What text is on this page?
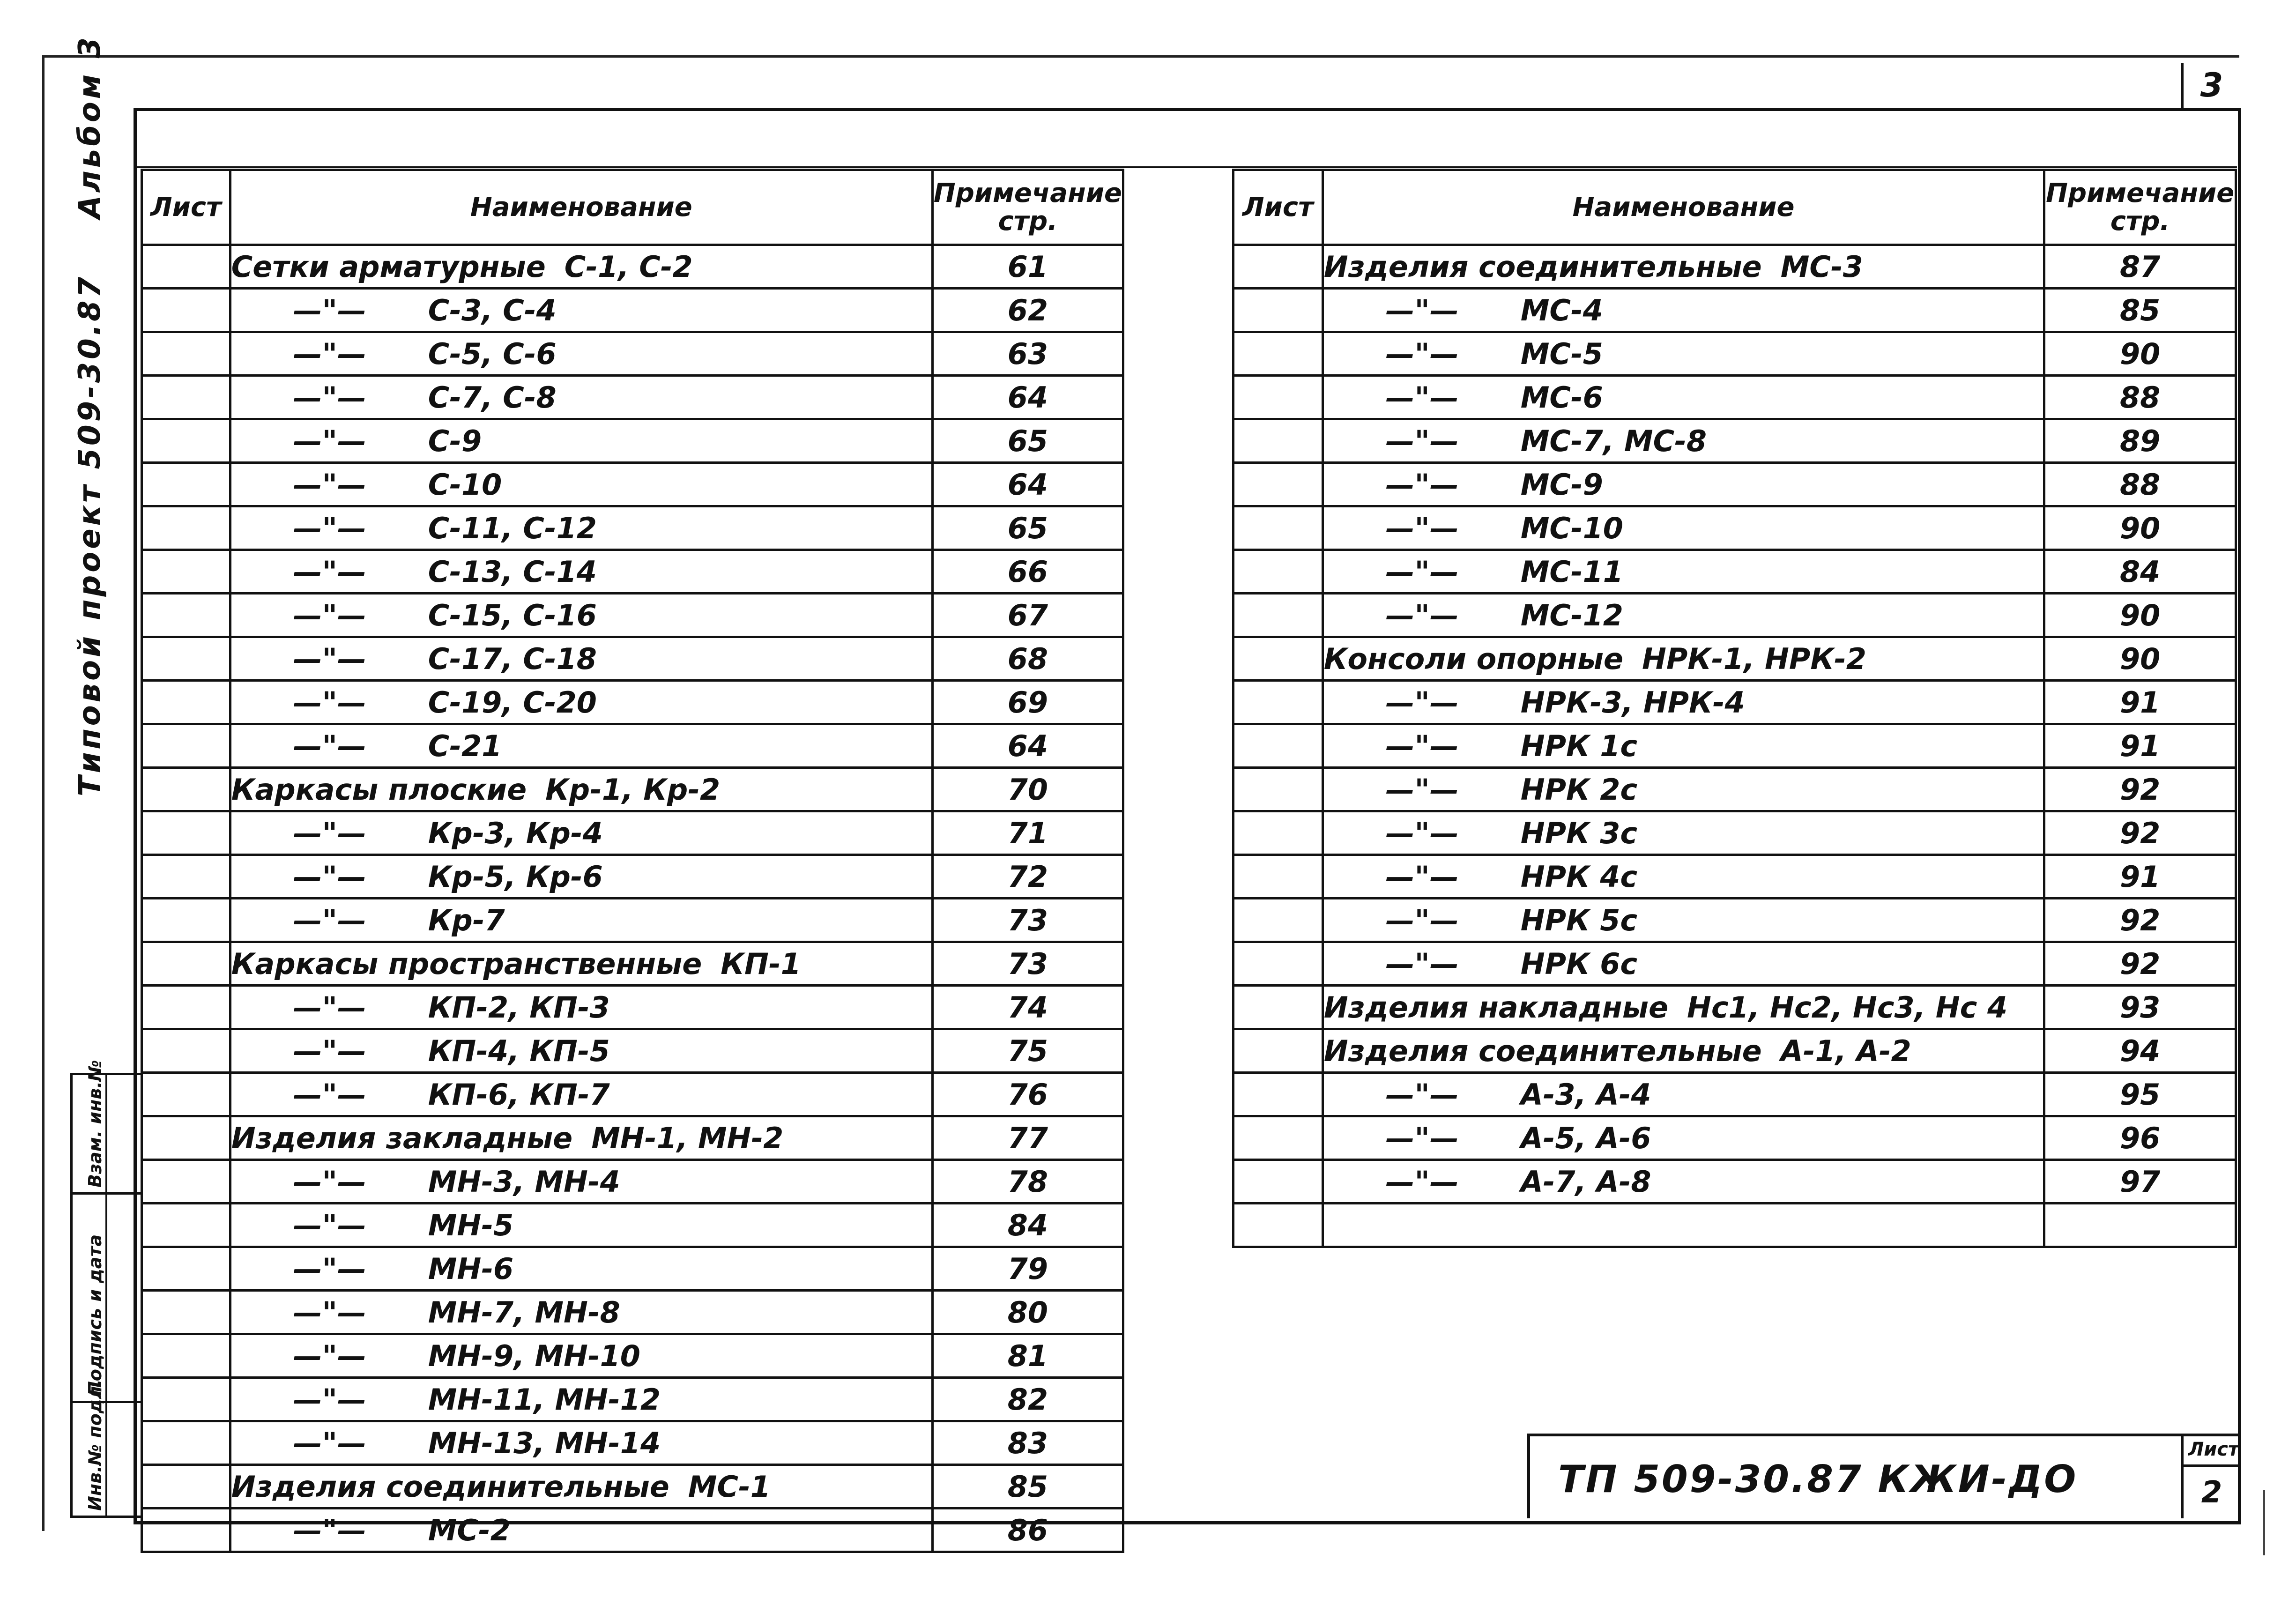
3
Типовой проект 509-30.87 Альбом 3 Лист	Наименование	Примечание
стр.

	Сетки арматурные С-1, С-2	61
	—"— С-3, С-4	62
	—"— С-5, С-6	63
	—"— С-7, С-8	64
	—"— С-9	65
	—"— С-10	64
	—"— С-11, С-12	65
	—"— С-13, С-14	66
	—"— С-15, С-16	67
	—"— С-17, С-18	68
	—"— С-19, С-20	69
	—"— С-21	64
	Каркасы плоские Кр-1, Кр-2	70
	—"— Кр-3, Кр-4	71
	—"— Кр-5, Кр-6	72
	—"— Кр-7	73
	Каркасы пространственные КП-1	73
	—"— КП-2, КП-3	74
	—"— КП-4, КП-5	75
	—"— КП-6, КП-7	76
	Изделия закладные МН-1, МН-2	77
	—"— МН-3, МН-4	78
	—"— МН-5	84
	—"— МН-6	79
	—"— МН-7, МН-8	80
	—"— МН-9, МН-10	81
	—"— МН-11, МН-12	82
	—"— МН-13, МН-14	83
	Изделия соединительные МС-1	85
	—"— МС-2	86
Лист	Наименование	Примечание
стр.

	Изделия соединительные МС-3	87
	—"— МС-4	85
	—"— МС-5	90
	—"— МС-6	88
	—"— МС-7, МС-8	89
	—"— МС-9	88
	—"— МС-10	90
	—"— МС-11	84
	—"— МС-12	90
	Консоли опорные НРК-1, НРК-2	90
	—"— НРК-3, НРК-4	91
	—"— НРК 1с	91
	—"— НРК 2с	92
	—"— НРК 3с	92
	—"— НРК 4с	91
	—"— НРК 5с	92
	—"— НРК 6с	92
	Изделия накладные Нс1, Нс2, Нс3, Нс 4	93
	Изделия соединительные А-1, А-2	94
	—"— А-3, А-4	95
	—"— А-5, А-6	96
	—"— А-7, А-8	97

ТП 509-30.87 КЖИ-ДО
Лист
2
Взам. инв.№
Подпись и дата
Инв.№ подл.
